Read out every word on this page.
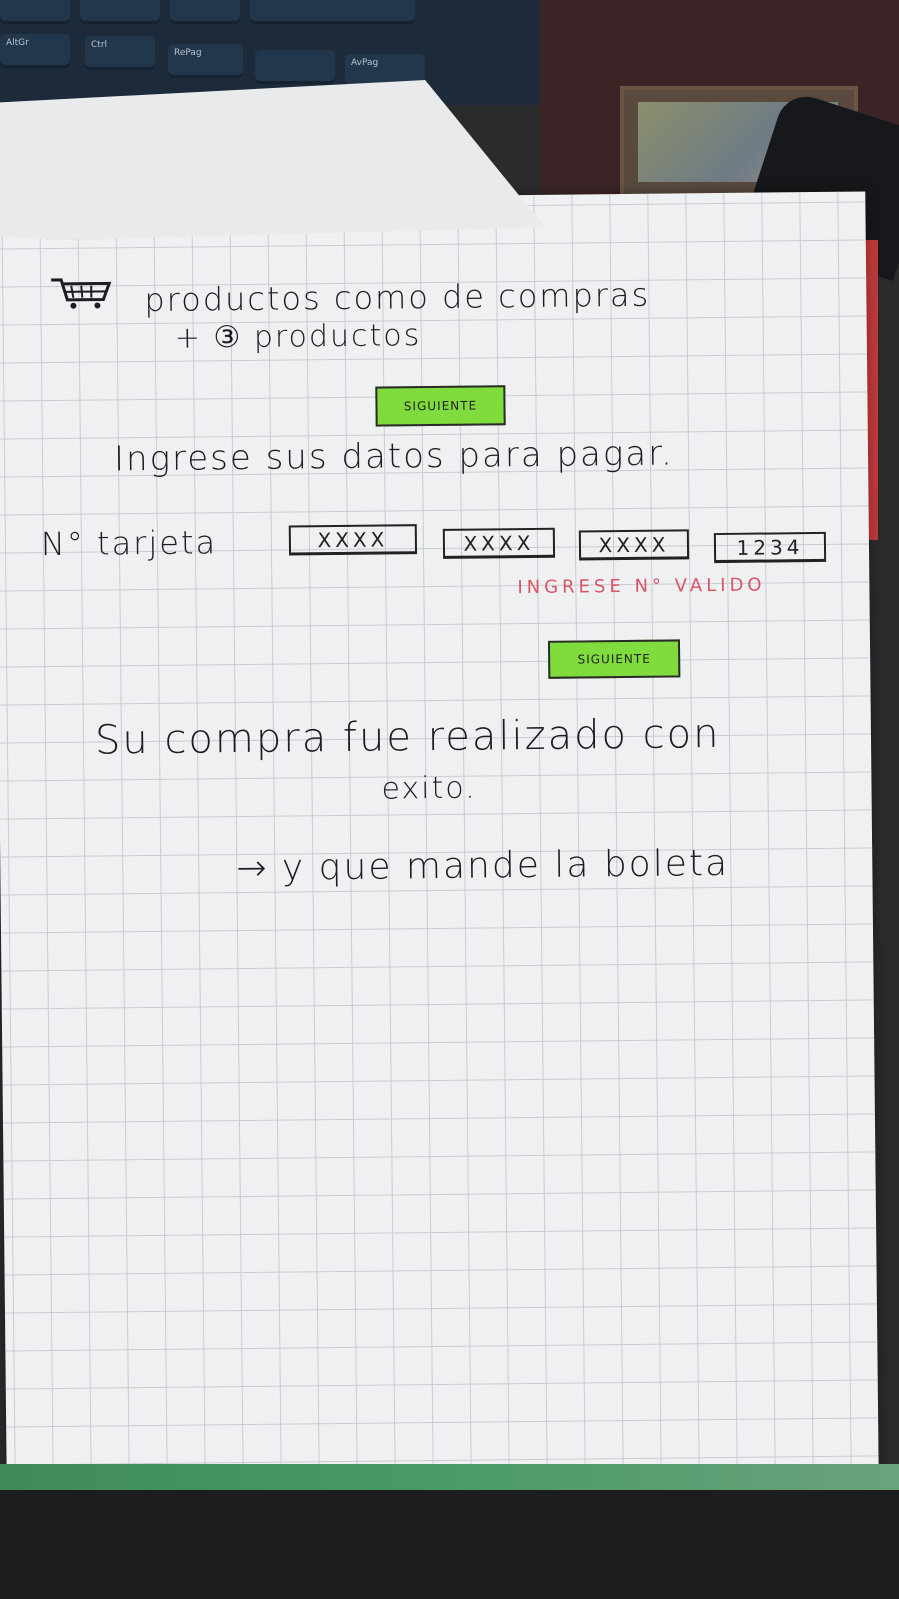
AltGr	Ctrl
RePag
AvPag
productos como de compras
+ ③ productos
SIGUIENTE
Ingrese sus datos para pagar.
N° tarjeta	XXXX	XXXX	XXXX	1234
INGRESE N° VALIDO
SIGUIENTE
Su compra fue realizado con
exito.
→ y que mande la boleta
